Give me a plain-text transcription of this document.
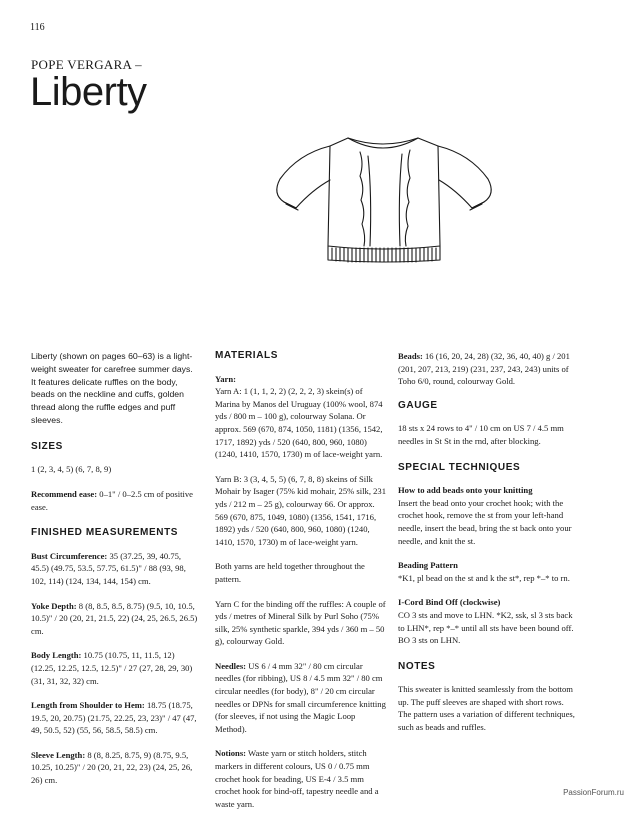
116
POPE VERGARA –
Liberty
Liberty (shown on pages 60–63) is a light-weight sweater for carefree summer days. It features delicate ruffles on the body, beads on the neckline and cuffs, golden thread along the ruffle edges and puff sleeves.
SIZES

1 (2, 3, 4, 5) (6, 7, 8, 9)

Recommend ease: 0–1" / 0–2.5 cm of positive ease.

FINISHED MEASUREMENTS

Bust Circumference: 35 (37.25, 39, 40.75, 45.5) (49.75, 53.5, 57.75, 61.5)" / 88 (93, 98, 102, 114) (124, 134, 144, 154) cm.

Yoke Depth: 8 (8, 8.5, 8.5, 8.75) (9.5, 10, 10.5, 10.5)" / 20 (20, 21, 21.5, 22) (24, 25, 26.5, 26.5) cm.

Body Length: 10.75 (10.75, 11, 11.5, 12) (12.25, 12.25, 12.5, 12.5)" / 27 (27, 28, 29, 30) (31, 31, 32, 32) cm.

Length from Shoulder to Hem: 18.75 (18.75, 19.5, 20, 20.75) (21.75, 22.25, 23, 23)" / 47 (47, 49, 50.5, 52) (55, 56, 58.5, 58.5) cm.

Sleeve Length: 8 (8, 8.25, 8.75, 9) (8.75, 9.5, 10.25, 10.25)" / 20 (20, 21, 22, 23) (24, 25, 26, 26) cm.

MATERIALS
Yarn:

Yarn A: 1 (1, 1, 2, 2) (2, 2, 2, 3) skein(s) of Marina by Manos del Uruguay (100% wool, 874 yds / 800 m – 100 g), colourway Solana. Or approx. 569 (670, 874, 1050, 1181) (1356, 1542, 1717, 1892) yds / 520 (640, 800, 960, 1080) (1240, 1410, 1570, 1730) m of lace-weight yarn.

Yarn B: 3 (3, 4, 5, 5) (6, 7, 8, 8) skeins of Silk Mohair by Isager (75% kid mohair, 25% silk, 231 yds / 212 m – 25 g), colourway 66. Or approx. 569 (670, 875, 1049, 1080) (1356, 1541, 1716, 1892) yds / 520 (640, 800, 960, 1080) (1240, 1410, 1570, 1730) m of lace-weight yarn.

Both yarns are held together throughout the pattern.

Yarn C for the binding off the ruffles: A couple of yds / metres of Mineral Silk by Purl Soho (75% silk, 25% synthetic sparkle, 394 yds / 360 m – 50 g), colourway Gold.

Needles: US 6 / 4 mm 32" / 80 cm circular needles (for ribbing), US 8 / 4.5 mm 32" / 80 cm circular needles (for body), 8" / 20 cm circular needles or DPNs for small circumference knitting (for sleeves, if not using the Magic Loop Method).

Notions: Waste yarn or stitch holders, stitch markers in different colours, US 0 / 0.75 mm crochet hook for beading, US E-4 / 3.5 mm crochet hook for bind-off, tapestry needle and a waste yarn.

Beads: 16 (16, 20, 24, 28) (32, 36, 40, 40) g / 201 (201, 207, 213, 219) (231, 237, 243, 243) units of Toho 6/0, round, colourway Gold.

GAUGE

18 sts x 24 rows to 4" / 10 cm on US 7 / 4.5 mm needles in St St in the rnd, after blocking.

SPECIAL TECHNIQUES
How to add beads onto your knitting

Insert the bead onto your crochet hook; with the crochet hook, remove the st from your left-hand needle, insert the bead, bring the st back onto your needle, and knit the st.

Beading Pattern

*K1, pl bead on the st and k the st*, rep *–* to rn.

I-Cord Bind Off (clockwise)

CO 3 sts and move to LHN. *K2, ssk, sl 3 sts back to LHN*, rep *–* until all sts have been bound off. BO 3 sts on LHN.

NOTES

This sweater is knitted seamlessly from the bottom up. The puff sleeves are shaped with short rows. The pattern uses a variation of different techniques, such as beads and ruffles.

PassionForum.ru
